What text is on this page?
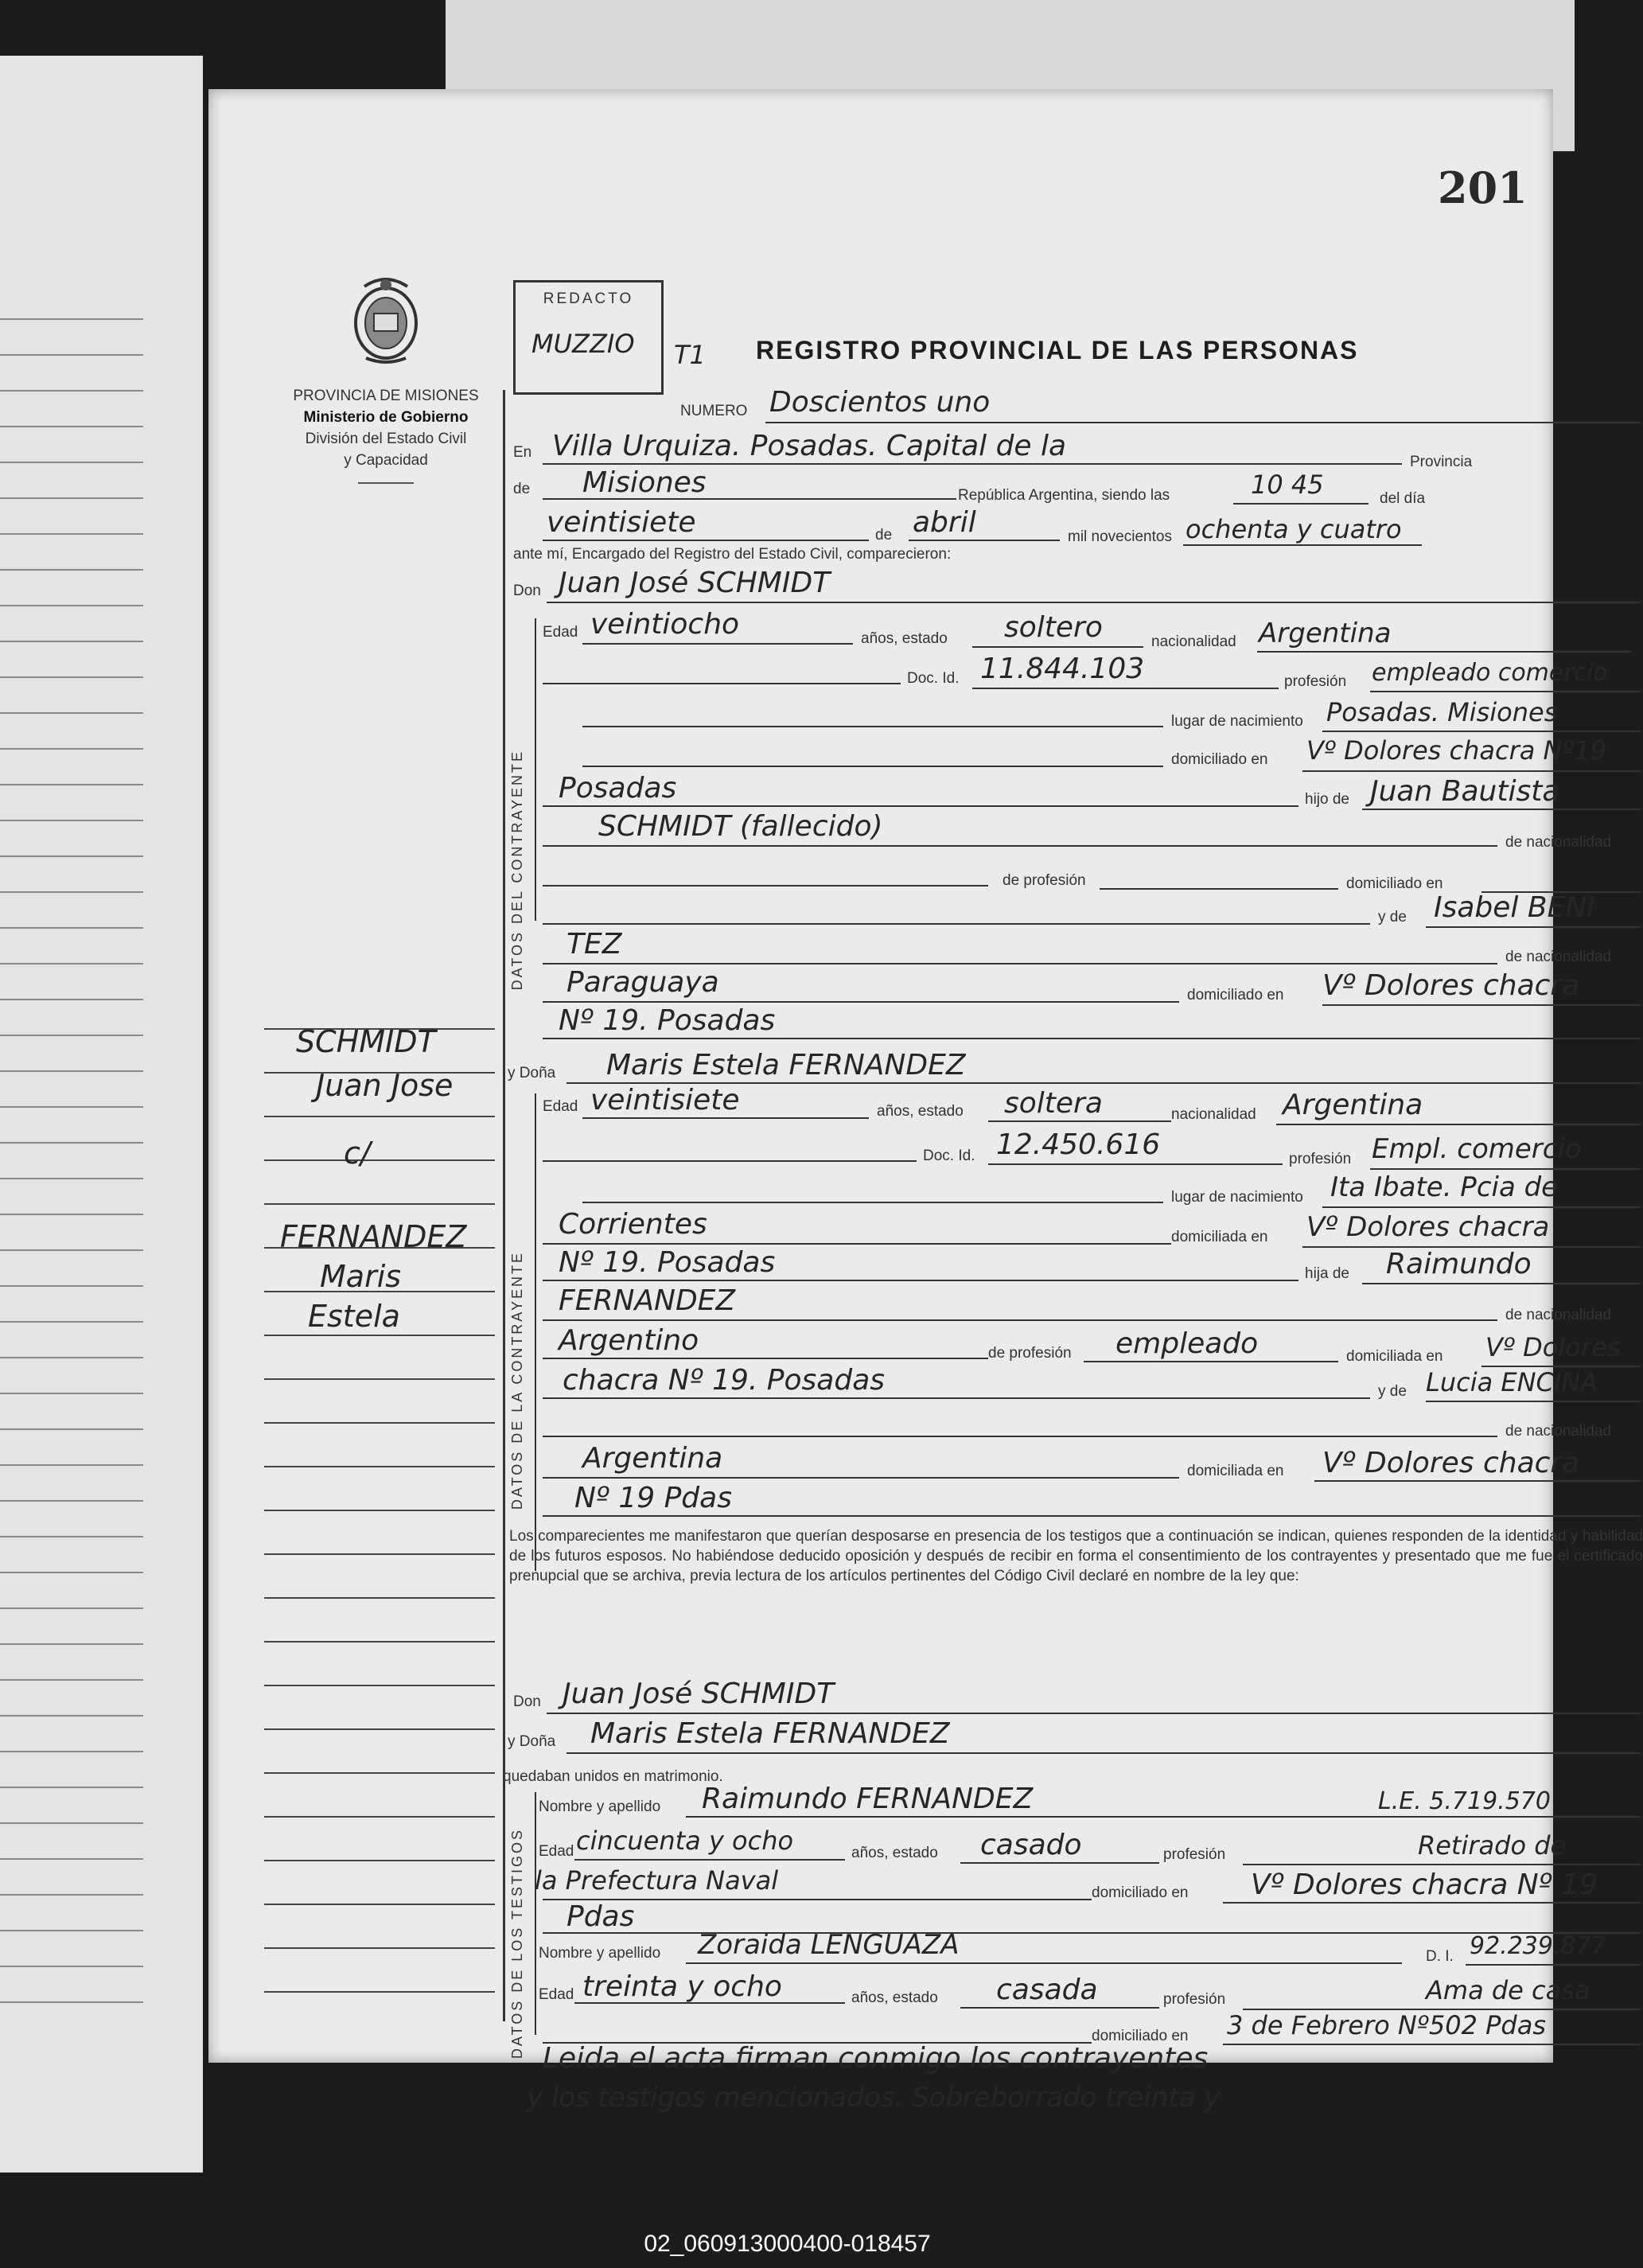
201
PROVINCIA DE MISIONES
Ministerio de Gobierno
División del Estado Civil
y Capacidad
REDACTO
MUZZIO	T1 REGISTRO PROVINCIAL DE LAS PERSONAS
NUMERO Doscientos uno
En Villa Urquiza. Posadas. Capital de la	Provincia
de Misiones	República Argentina, siendo las	10 45	del día
veintisiete	de abril	mil novecientos ochenta y cuatro
ante mí, Encargado del Registro del Estado Civil, comparecieron:
Don Juan José SCHMIDT
DATOS DEL CONTRAYENTE
Edad veintiocho	años, estado soltero	nacionalidad Argentina
Doc. Id. 11.844.103	profesión empleado comercio
lugar de nacimiento Posadas. Misiones
domiciliado en Vº Dolores chacra Nº19
Posadas	hijo de Juan Bautista
SCHMIDT (fallecido)	de nacionalidad
de profesión	domiciliado en
y de Isabel BENI
TEZ	de nacionalidad
Paraguaya	domiciliado en Vº Dolores chacra
Nº 19. Posadas
y Doña Maris Estela FERNANDEZ
DATOS DE LA CONTRAYENTE
Edad veintisiete	años, estado soltera	nacionalidad Argentina
Doc. Id. 12.450.616	profesión Empl. comercio
lugar de nacimiento Ita Ibate. Pcia de
Corrientes	domiciliada en Vº Dolores chacra
Nº 19. Posadas	hija de Raimundo
FERNANDEZ	de nacionalidad
Argentino	de profesión empleado	domiciliada en Vº Dolores
chacra Nº 19. Posadas	y de Lucia ENCINA
de nacionalidad
Argentina	domiciliada en Vº Dolores chacra
Nº 19 Pdas
Los comparecientes me manifestaron que querían desposarse en presencia de los testigos que a continuación se indican, quienes responden de la identidad y habilidad de los futuros esposos. No habiéndose deducido oposición y después de recibir en forma el consentimiento de los contrayentes y presentado que me fue el certificado prenupcial que se archiva, previa lectura de los artículos pertinentes del Código Civil declaré en nombre de la ley que:
Don Juan José SCHMIDT
y Doña Maris Estela FERNANDEZ
quedaban unidos en matrimonio.
DATOS DE LOS TESTIGOS
Nombre y apellido Raimundo FERNANDEZ	L.E. 5.719.570
Edad cincuenta y ocho	años, estado casado	profesión	Retirado de
la Prefectura Naval	domiciliado en Vº Dolores chacra Nº 19
Pdas
Nombre y apellido Zoraida LENGUAZA	D. I. 92.239.877
Edad treinta y ocho	años, estado casada	profesión	Ama de casa
domiciliado en 3 de Febrero Nº502 Pdas
Leida el acta firman conmigo los contrayentes
y los testigos mencionados. Sobreborrado treinta y
SCHMIDT
Juan Jose
c/
FERNANDEZ
Maris
Estela
02_060913000400-018457
